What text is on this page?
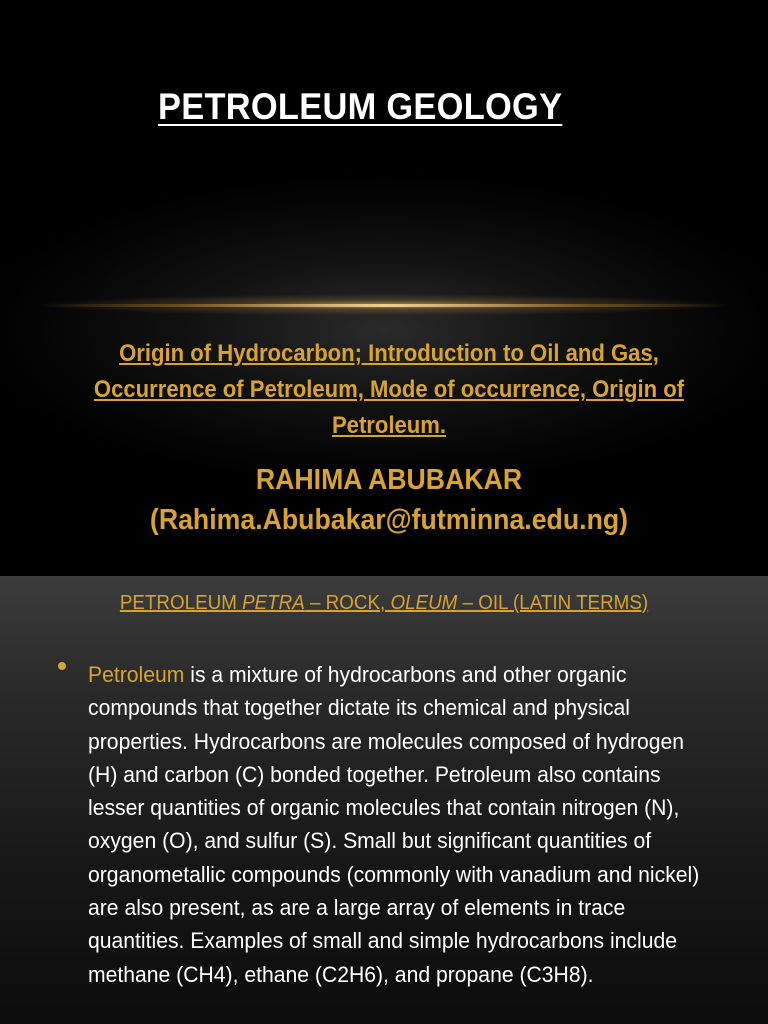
PETROLEUM GEOLOGY
Origin of Hydrocarbon; Introduction to Oil and Gas,
Occurrence of Petroleum, Mode of occurrence, Origin of
Petroleum.
RAHIMA ABUBAKAR
(Rahima.Abubakar@futminna.edu.ng)
PETROLEUM PETRA – ROCK, OLEUM – OIL (LATIN TERMS)
Petroleum is a mixture of hydrocarbons and other organic compounds that together dictate its chemical and physical properties. Hydrocarbons are molecules composed of hydrogen (H) and carbon (C) bonded together. Petroleum also contains lesser quantities of organic molecules that contain nitrogen (N), oxygen (O), and sulfur (S). Small but significant quantities of organometallic compounds (commonly with vanadium and nickel) are also present, as are a large array of elements in trace quantities. Examples of small and simple hydrocarbons include methane (CH4), ethane (C2H6), and propane (C3H8).
